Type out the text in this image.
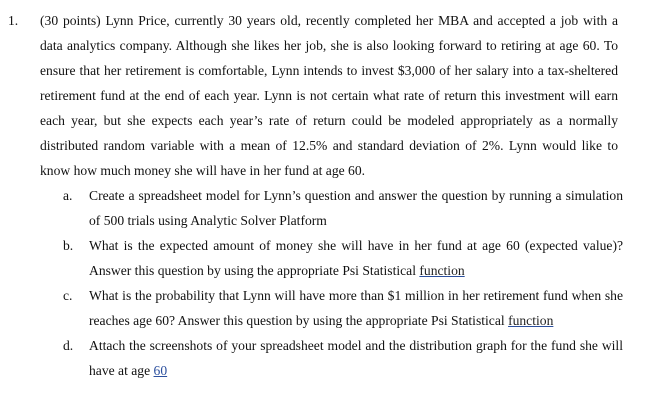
1. (30 points) Lynn Price, currently 30 years old, recently completed her MBA and accepted a job with a data analytics company. Although she likes her job, she is also looking forward to retiring at age 60. To ensure that her retirement is comfortable, Lynn intends to invest $3,000 of her salary into a tax-sheltered retirement fund at the end of each year. Lynn is not certain what rate of return this investment will earn each year, but she expects each year’s rate of return could be modeled appropriately as a normally distributed random variable with a mean of 12.5% and standard deviation of 2%. Lynn would like to know how much money she will have in her fund at age 60.
a. Create a spreadsheet model for Lynn’s question and answer the question by running a simulation of 500 trials using Analytic Solver Platform
b. What is the expected amount of money she will have in her fund at age 60 (expected value)? Answer this question by using the appropriate Psi Statistical function
c. What is the probability that Lynn will have more than $1 million in her retirement fund when she reaches age 60? Answer this question by using the appropriate Psi Statistical function
d. Attach the screenshots of your spreadsheet model and the distribution graph for the fund she will have at age 60
